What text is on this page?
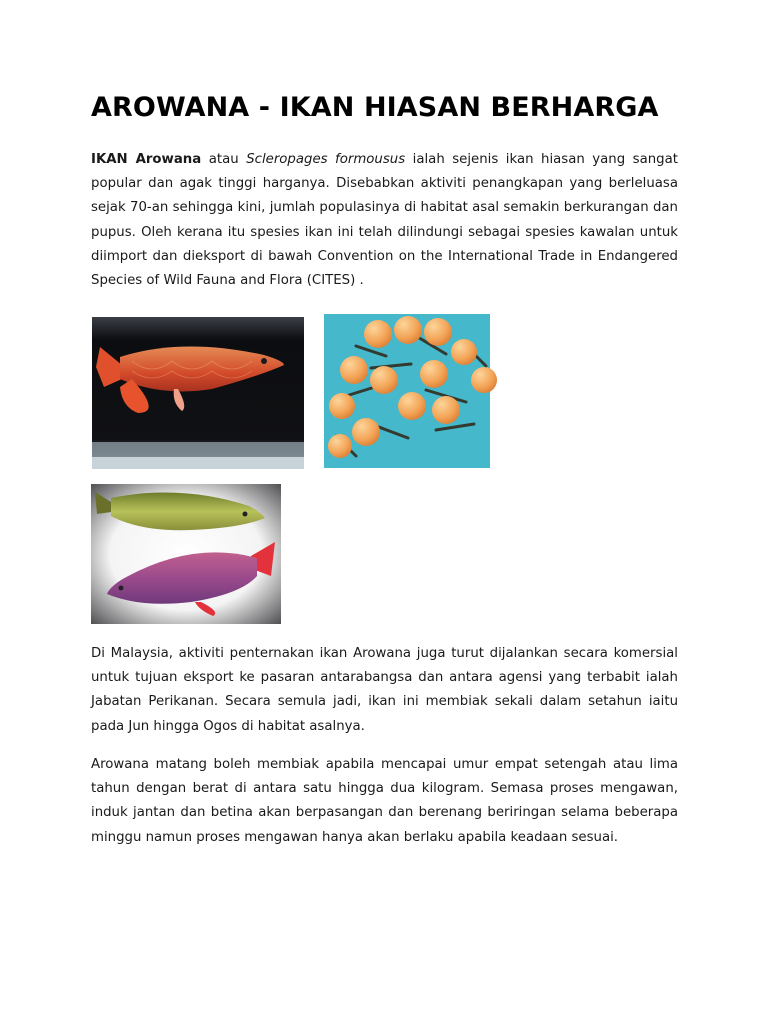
AROWANA - IKAN HIASAN BERHARGA

IKAN Arowana atau Scleropages formousus ialah sejenis ikan hiasan yang sangat popular dan agak tinggi harganya. Disebabkan aktiviti penangkapan yang berleluasa sejak 70-an sehingga kini, jumlah populasinya di habitat asal semakin berkurangan dan pupus. Oleh kerana itu spesies ikan ini telah dilindungi sebagai spesies kawalan untuk diimport dan dieksport di bawah Convention on the International Trade in Endangered Species of Wild Fauna and Flora (CITES) .

Di Malaysia, aktiviti penternakan ikan Arowana juga turut dijalankan secara komersial untuk tujuan eksport ke pasaran antarabangsa dan antara agensi yang terbabit ialah Jabatan Perikanan. Secara semula jadi, ikan ini membiak sekali dalam setahun iaitu pada Jun hingga Ogos di habitat asalnya.

Arowana matang boleh membiak apabila mencapai umur empat setengah atau lima tahun dengan berat di antara satu hingga dua kilogram. Semasa proses mengawan, induk jantan dan betina akan berpasangan dan berenang beriringan selama beberapa minggu namun proses mengawan hanya akan berlaku apabila keadaan sesuai.
